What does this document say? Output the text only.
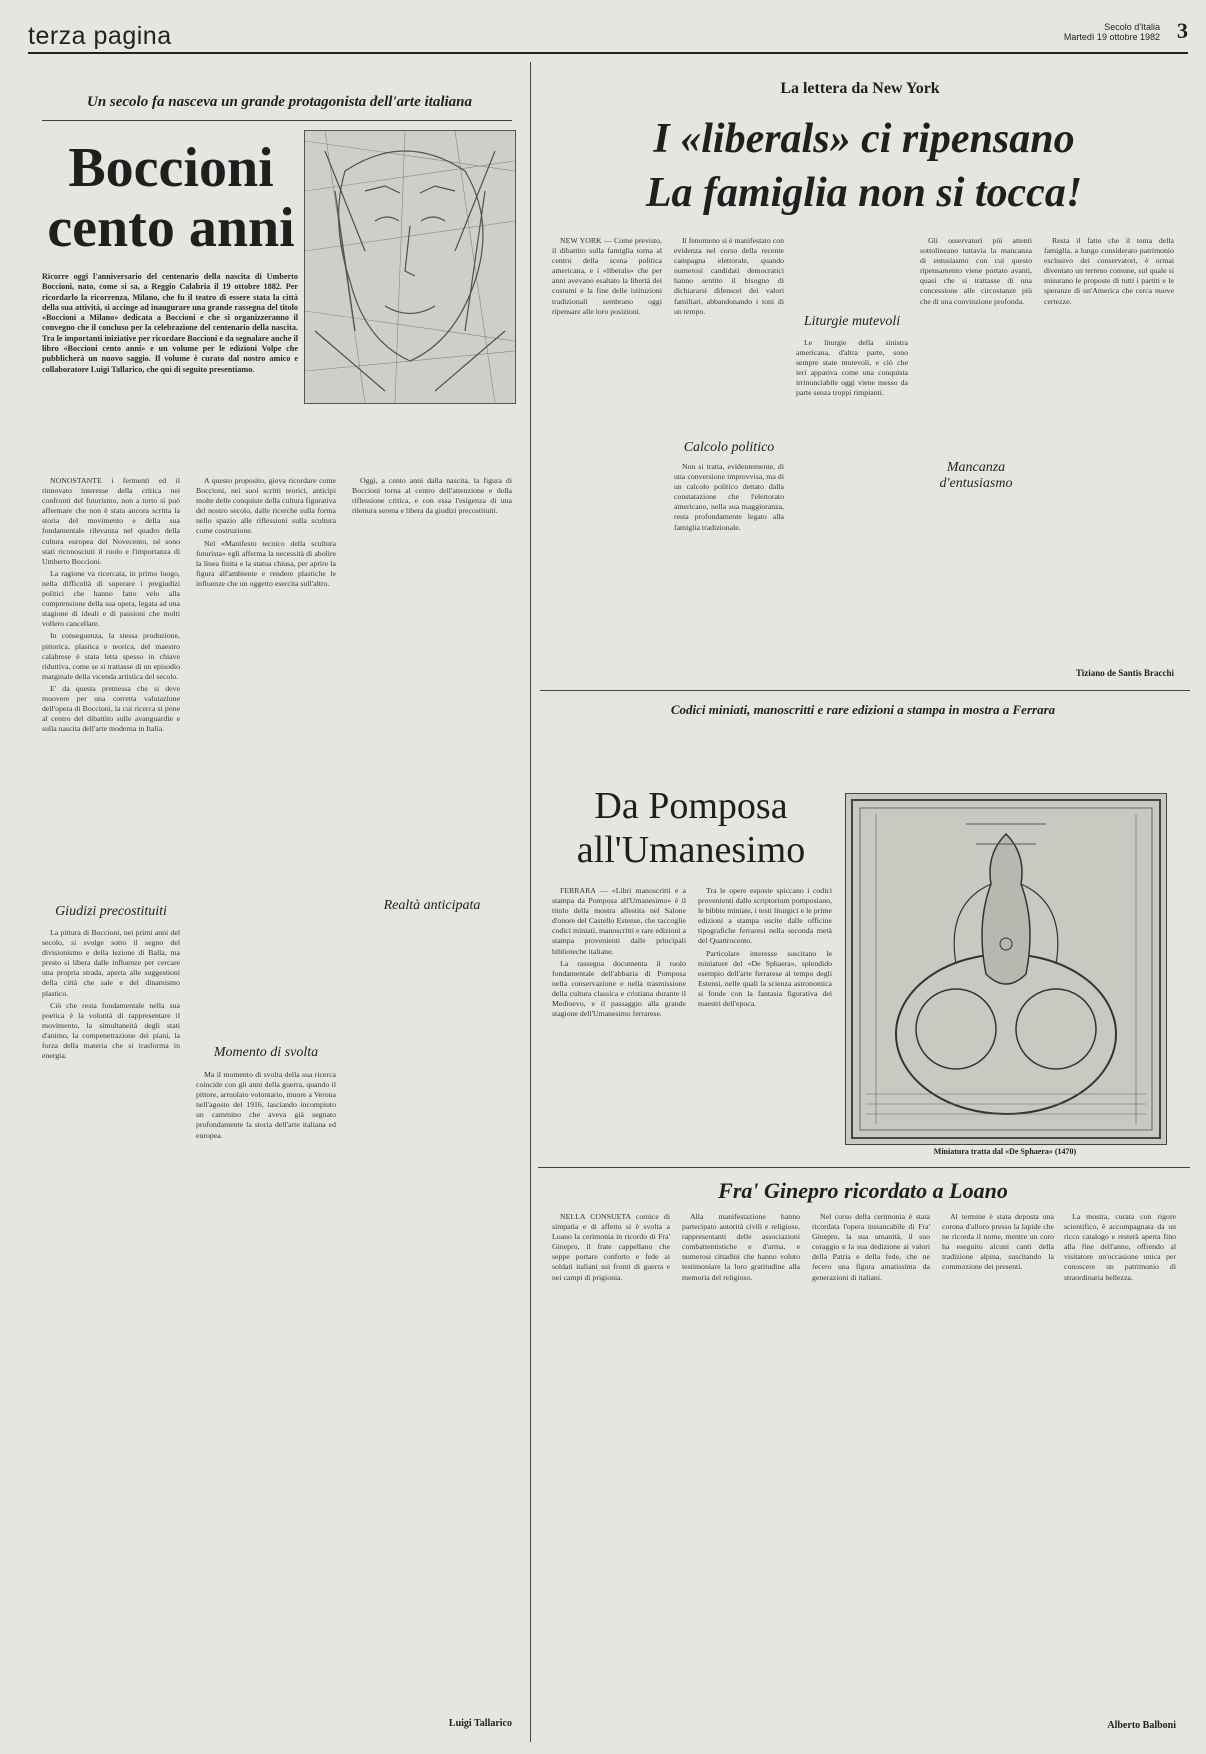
terza pagina	Secolo d'Italia
Martedì 19 ottobre 1982 3
Un secolo fa nasceva un grande protagonista dell'arte italiana
Boccioni
cento anni
Ricorre oggi l'anniversario del centenario della nascita di Umberto Boccioni, nato, come si sa, a Reggio Calabria il 19 ottobre 1882. Per ricordarlo la ricorrenza, Milano, che fu il teatro di essere stata la città della sua attività, si accinge ad inaugurare una grande rassegna del titolo «Boccioni a Milano» dedicata a Boccioni e che si organizzeranno il convegno che il concluso per la celebrazione del centenario della nascita. Tra le importanti iniziative per ricordare Boccioni e da segnalare anche il libro «Boccioni cento anni» e un volume per le edizioni Volpe che pubblicherà un nuovo saggio. Il volume è curato dal nostro amico e collaboratore Luigi Tallarico, che qui di seguito presentiamo.

NONOSTANTE i fermenti ed il rinnovato interesse della critica nei confronti del futurismo, non a torto si può affermare che non è stata ancora scritta la storia del movimento e della sua fondamentale rilevanza nel quadro della cultura europea del Novecento, né sono stati riconosciuti il ruolo e l'importanza di Umberto Boccioni.

La ragione va ricercata, in primo luogo, nella difficoltà di superare i pregiudizi politici che hanno fatto velo alla comprensione della sua opera, legata ad una stagione di ideali e di passioni che molti vollero cancellare.

In conseguenza, la stessa produzione, pittorica, plastica e teorica, del maestro calabrese è stata letta spesso in chiave riduttiva, come se si trattasse di un episodio marginale della vicenda artistica del secolo.

E' da questa premessa che si deve muovere per una corretta valutazione dell'opera di Boccioni, la cui ricerca si pone al centro del dibattito sulle avanguardie e sulla nascita dell'arte moderna in Italia.

Giudizi precostituiti

La pittura di Boccioni, nei primi anni del secolo, si svolge sotto il segno del divisionismo e della lezione di Balla, ma presto si libera dalle influenze per cercare una propria strada, aperta alle suggestioni della città che sale e del dinamismo plastico.

Ciò che resta fondamentale nella sua poetica è la volontà di rappresentare il movimento, la simultaneità degli stati d'animo, la compenetrazione dei piani, la forza della materia che si trasforma in energia.

A questo proposito, giova ricordare come Boccioni, nei suoi scritti teorici, anticipi molte delle conquiste della cultura figurativa del nostro secolo, dalle ricerche sulla forma nello spazio alle riflessioni sulla scultura come costruzione.

Nel «Manifesto tecnico della scultura futurista» egli afferma la necessità di abolire la linea finita e la statua chiusa, per aprire la figura all'ambiente e rendere plastiche le influenze che un oggetto esercita sull'altro.

Momento di svolta

Ma il momento di svolta della sua ricerca coincide con gli anni della guerra, quando il pittore, arruolato volontario, muore a Verona nell'agosto del 1916, lasciando incompiuto un cammino che aveva già segnato profondamente la storia dell'arte italiana ed europea.

Oggi, a cento anni dalla nascita, la figura di Boccioni torna al centro dell'attenzione e della riflessione critica, e con essa l'esigenza di una rilettura serena e libera da giudizi precostituiti.

Realtà anticipata
Luigi Tallarico
La lettera da New York
I «liberals» ci ripensano
La famiglia non si tocca!

NEW YORK — Come previsto, il dibattito sulla famiglia torna al centro della scena politica americana, e i «liberals» che per anni avevano esaltato la libertà dei costumi e la fine delle istituzioni tradizionali sembrano oggi ripensare alle loro posizioni.

Il fenomeno si è manifestato con evidenza nel corso della recente campagna elettorale, quando numerosi candidati democratici hanno sentito il bisogno di dichiararsi difensori dei valori familiari, abbandonando i toni di un tempo.

Calcolo politico

Non si tratta, evidentemente, di una conversione improvvisa, ma di un calcolo politico dettato dalla constatazione che l'elettorato americano, nella sua maggioranza, resta profondamente legato alla famiglia tradizionale.

Liturgie mutevoli

Le liturgie della sinistra americana, d'altra parte, sono sempre state mutevoli, e ciò che ieri appariva come una conquista irrinunciabile oggi viene messo da parte senza troppi rimpianti.

Gli osservatori più attenti sottolineano tuttavia la mancanza di entusiasmo con cui questo ripensamento viene portato avanti, quasi che si trattasse di una concessione alle circostanze più che di una convinzione profonda.

Mancanza d'entusiasmo

Resta il fatto che il tema della famiglia, a lungo considerato patrimonio esclusivo dei conservatori, è ormai diventato un terreno comune, sul quale si misurano le proposte di tutti i partiti e le speranze di un'America che cerca nuove certezze.

Tiziano de Santis Bracchi
Codici miniati, manoscritti e rare edizioni a stampa in mostra a Ferrara
Da Pomposa
all'Umanesimo

FERRARA — «Libri manoscritti e a stampa da Pomposa all'Umanesimo» è il titolo della mostra allestita nel Salone d'onore del Castello Estense, che raccoglie codici miniati, manoscritti e rare edizioni a stampa provenienti dalle principali biblioteche italiane.

La rassegna documenta il ruolo fondamentale dell'abbazia di Pomposa nella conservazione e nella trasmissione della cultura classica e cristiana durante il Medioevo, e il passaggio alla grande stagione dell'Umanesimo ferrarese.

Tra le opere esposte spiccano i codici provenienti dallo scriptorium pomposiano, le bibbie miniate, i testi liturgici e le prime edizioni a stampa uscite dalle officine tipografiche ferraresi nella seconda metà del Quattrocento.

Particolare interesse suscitano le miniature del «De Sphaera», splendido esempio dell'arte ferrarese al tempo degli Estensi, nelle quali la scienza astronomica si fonde con la fantasia figurativa dei maestri dell'epoca.

Miniatura tratta dal «De Sphaera» (1470)
Fra' Ginepro ricordato a Loano

NELLA CONSUETA cornice di simpatia e di affetto si è svolta a Loano la cerimonia in ricordo di Fra' Ginepro, il frate cappellano che seppe portare conforto e fede ai soldati italiani sui fronti di guerra e nei campi di prigionia.

Alla manifestazione hanno partecipato autorità civili e religiose, rappresentanti delle associazioni combattentistiche e d'arma, e numerosi cittadini che hanno voluto testimoniare la loro gratitudine alla memoria del religioso.

Nel corso della cerimonia è stata ricordata l'opera instancabile di Fra' Ginepro, la sua umanità, il suo coraggio e la sua dedizione ai valori della Patria e della fede, che ne fecero una figura amatissima da generazioni di italiani.

Al termine è stata deposta una corona d'alloro presso la lapide che ne ricorda il nome, mentre un coro ha eseguito alcuni canti della tradizione alpina, suscitando la commozione dei presenti.

La mostra, curata con rigore scientifico, è accompagnata da un ricco catalogo e resterà aperta fino alla fine dell'anno, offrendo al visitatore un'occasione unica per conoscere un patrimonio di straordinaria bellezza.

Alberto Balboni
